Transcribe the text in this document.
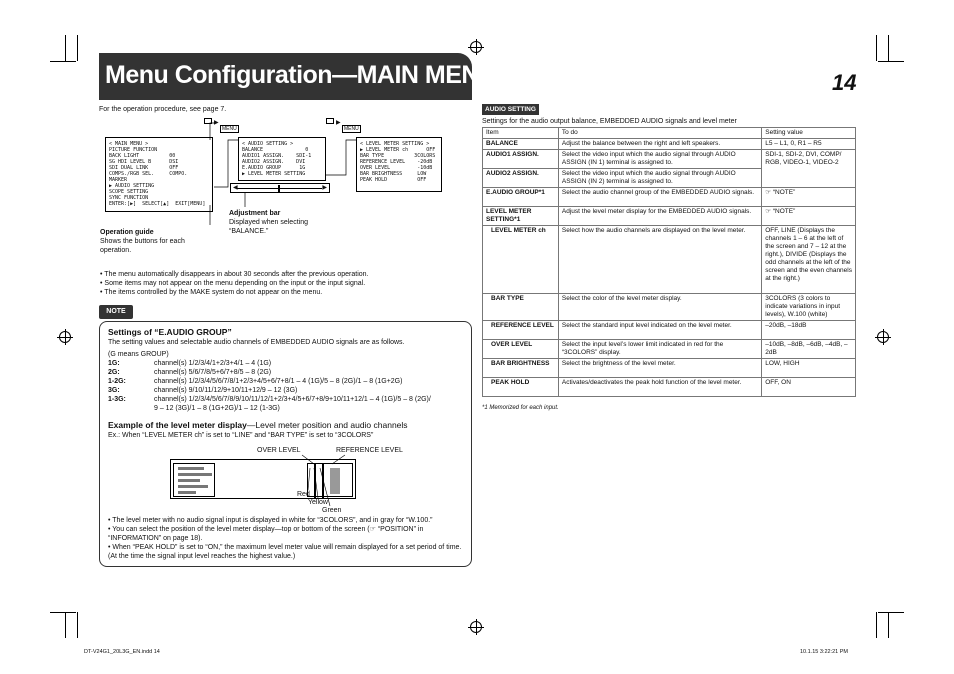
Menu Configuration—MAIN MENU (cont.)	14
For the operation procedure, see page 7.
▶
MENU
▶
MENU
< MAIN MENU >
PICTURE FUNCTION
BACK LIGHT          00
SG HDI LEVEL B      DSI
SDI DUAL LINK       OFF
COMPS./RGB SEL.     COMPO.
MARKER
▶ AUDIO SETTING
SCOPE SETTING
SYNC FUNCTION
ENTER:[▶]  SELECT[▲]  EXIT[MENU]
< AUDIO SETTING >
BALANCE              0
AUDIO1 ASSIGN.    SDI-1
AUDIO2 ASSIGN.    DVI
E.AUDIO GROUP      1G
▶ LEVEL METER SETTING
◀	▶
< LEVEL METER SETTING >
▶ LEVEL METER ch      OFF
BAR TYPE          3COLORS
REFERENCE LEVEL    -20dB
OVER LEVEL         -10dB
BAR BRIGHTNESS     LOW
PEAK HOLD          OFF
Adjustment bar
Displayed when selecting “BALANCE.”
Operation guide
Shows the buttons for each operation.
• The menu automatically disappears in about 30 seconds after the previous operation.
• Some items may not appear on the menu depending on the input or the input signal.
• The items controlled by the MAKE system do not appear on the menu.
NOTE
Settings of “E.AUDIO GROUP”
The setting values and selectable audio channels of EMBEDDED AUDIO signals are as follows.
(G means GROUP)
1G:	channel(s) 1/2/3/4/1+2/3+4/1 – 4 (1G)
2G:	channel(s) 5/6/7/8/5+6/7+8/5 – 8 (2G)
1-2G:	channel(s) 1/2/3/4/5/6/7/8/1+2/3+4/5+6/7+8/1 – 4 (1G)/5 – 8 (2G)/1 – 8 (1G+2G)
3G:	channel(s) 9/10/11/12/9+10/11+12/9 – 12 (3G)
1-3G:	channel(s) 1/2/3/4/5/6/7/8/9/10/11/12/1+2/3+4/5+6/7+8/9+10/11+12/1 – 4 (1G)/5 – 8 (2G)/
9 – 12 (3G)/1 – 8 (1G+2G)/1 – 12 (1-3G)
Example of the level meter display—Level meter position and audio channels
Ex.: When “LEVEL METER ch” is set to “LINE” and “BAR TYPE” is set to “3COLORS”
OVER LEVEL	REFERENCE LEVEL
Red
Yellow
Green
• The level meter with no audio signal input is displayed in white for “3COLORS”, and in gray for “W.100.”
• You can select the position of the level meter display—top or bottom of the screen (☞ “POSITION” in “INFORMATION” on page 18).
• When “PEAK HOLD” is set to “ON,” the maximum level meter value will remain displayed for a set period of time. (At the time the signal input level reaches the highest value.)
AUDIO SETTING
Settings for the audio output balance, EMBEDDED AUDIO signals and level meter
Item	To do	Setting value
BALANCE	Adjust the balance between the right and left speakers.	L5 – L1, 0, R1 – R5
AUDIO1 ASSIGN.	Select the video input which the audio signal through AUDIO ASSIGN (IN 1) terminal is assigned to.	SDI-1, SDI-2, DVI, COMP/ RGB, VIDEO-1, VIDEO-2
AUDIO2 ASSIGN.	Select the video input which the audio signal through AUDIO ASSIGN (IN 2) terminal is assigned to.	
E.AUDIO GROUP*1	Select the audio channel group of the EMBEDDED AUDIO signals.	☞ “NOTE”
LEVEL METER SETTING*1	Adjust the level meter display for the EMBEDDED AUDIO signals.	☞ “NOTE”
LEVEL METER ch	Select how the audio channels are displayed on the level meter.	OFF, LINE (Displays the channels 1 – 6 at the left of the screen and 7 – 12 at the right.), DIVIDE (Displays the odd channels at the left of the screen and the even channels at the right.)
BAR TYPE	Select the color of the level meter display.	3COLORS (3 colors to indicate variations in input levels), W.100 (white)
REFERENCE LEVEL	Select the standard input level indicated on the level meter.	–20dB, –18dB
OVER LEVEL	Select the input level’s lower limit indicated in red for the “3COLORS” display.	–10dB, –8dB, –6dB, –4dB, –2dB
BAR BRIGHTNESS	Select the brightness of the level meter.	LOW, HIGH
PEAK HOLD	Activates/deactivates the peak hold function of the level meter.	OFF, ON
*1 Memorized for each input.
DT-V24G1_20L3G_EN.indd 14	10.1.15 3:22:21 PM
